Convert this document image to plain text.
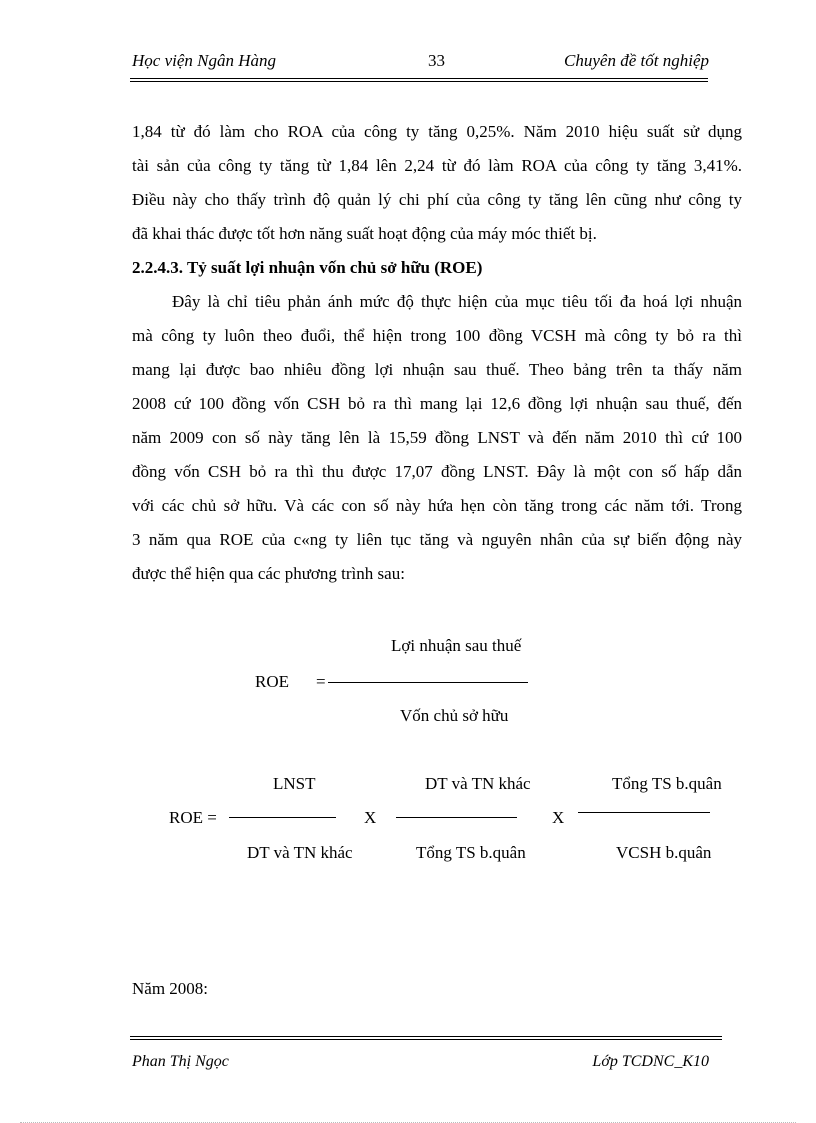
Học viện Ngân Hàng	33	Chuyên đề tốt nghiệp
1,84 từ đó làm cho ROA của công ty tăng 0,25%. Năm 2010 hiệu suất sử dụng
tài sản của công ty tăng từ 1,84 lên 2,24 từ đó làm ROA của công ty tăng 3,41%.
Điều này cho thấy trình độ quản lý chi phí của công ty tăng lên cũng như công ty
đã khai thác được tốt hơn năng suất hoạt động của máy móc thiết bị.
2.2.4.3. Tỷ suất lợi nhuận vốn chủ sở hữu (ROE)
Đây là chỉ tiêu phản ánh mức độ thực hiện của mục tiêu tối đa hoá lợi nhuận
mà công ty luôn theo đuổi, thể hiện trong 100 đồng VCSH mà công ty bỏ ra thì
mang lại được bao nhiêu đồng lợi nhuận sau thuế. Theo bảng trên ta thấy năm
2008 cứ 100 đồng vốn CSH bỏ ra thì mang lại 12,6 đồng lợi nhuận sau thuế, đến
năm 2009 con số này tăng lên là 15,59 đồng LNST và đến năm 2010 thì cứ 100
đồng vốn CSH bỏ ra thì thu được 17,07 đồng LNST. Đây là một con số hấp dẫn
với các chủ sở hữu. Và các con số này hứa hẹn còn tăng trong các năm tới. Trong
3 năm qua ROE của c«ng ty liên tục tăng và nguyên nhân của sự biến động này
được thể hiện qua các phương trình sau:
Lợi nhuận sau thuế
ROE =
Vốn chủ sở hữu
LNST	DT và TN khác	Tổng TS b.quân
ROE =	X	X
DT và TN khác	Tổng TS b.quân	VCSH b.quân
Năm 2008:
Phan Thị Ngọc	Lớp TCDNC_K10
